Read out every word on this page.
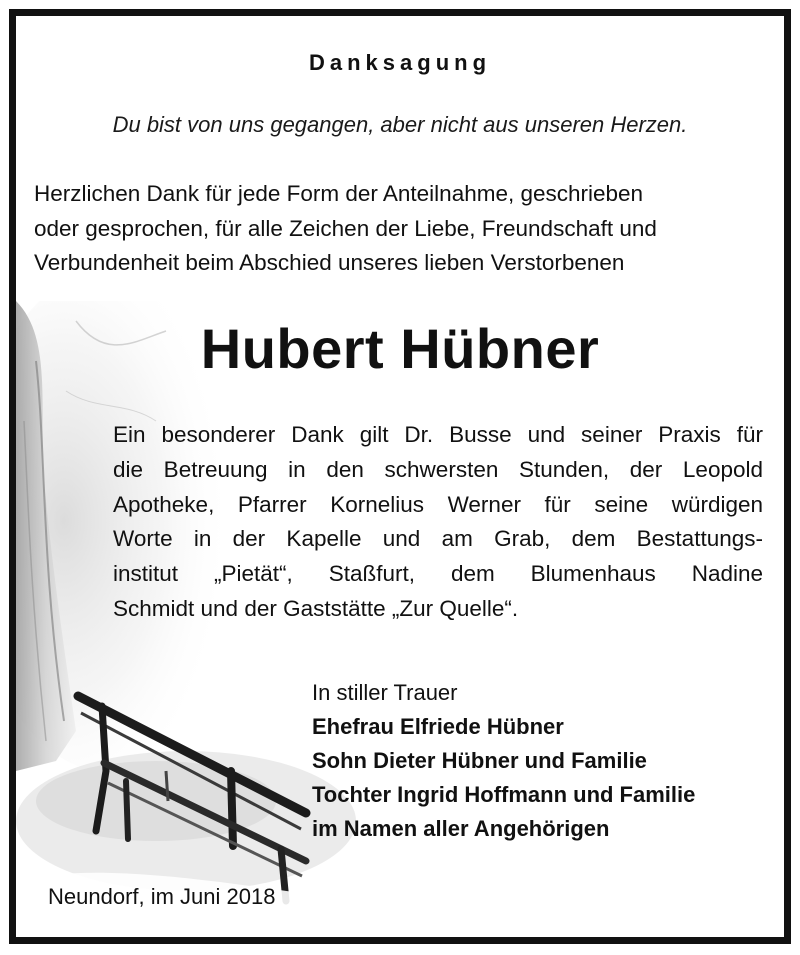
Danksagung

Du bist von uns gegangen, aber nicht aus unseren Herzen.

Herzlichen Dank für jede Form der Anteilnahme, geschrieben
oder gesprochen, für alle Zeichen der Liebe, Freundschaft und
Verbundenheit beim Abschied unseres lieben Verstorbenen
Hubert Hübner
Ein besonderer Dank gilt Dr. Busse und seiner Praxis für
die Betreuung in den schwersten Stunden, der Leopold
Apotheke, Pfarrer Kornelius Werner für seine würdigen
Worte in der Kapelle und am Grab, dem Bestattungs-
institut „Pietät“, Staßfurt, dem Blumenhaus Nadine
Schmidt und der Gaststätte „Zur Quelle“.
In stiller Trauer
Ehefrau Elfriede Hübner
Sohn Dieter Hübner und Familie
Tochter Ingrid Hoffmann und Familie
im Namen aller Angehörigen

Neundorf, im Juni 2018
